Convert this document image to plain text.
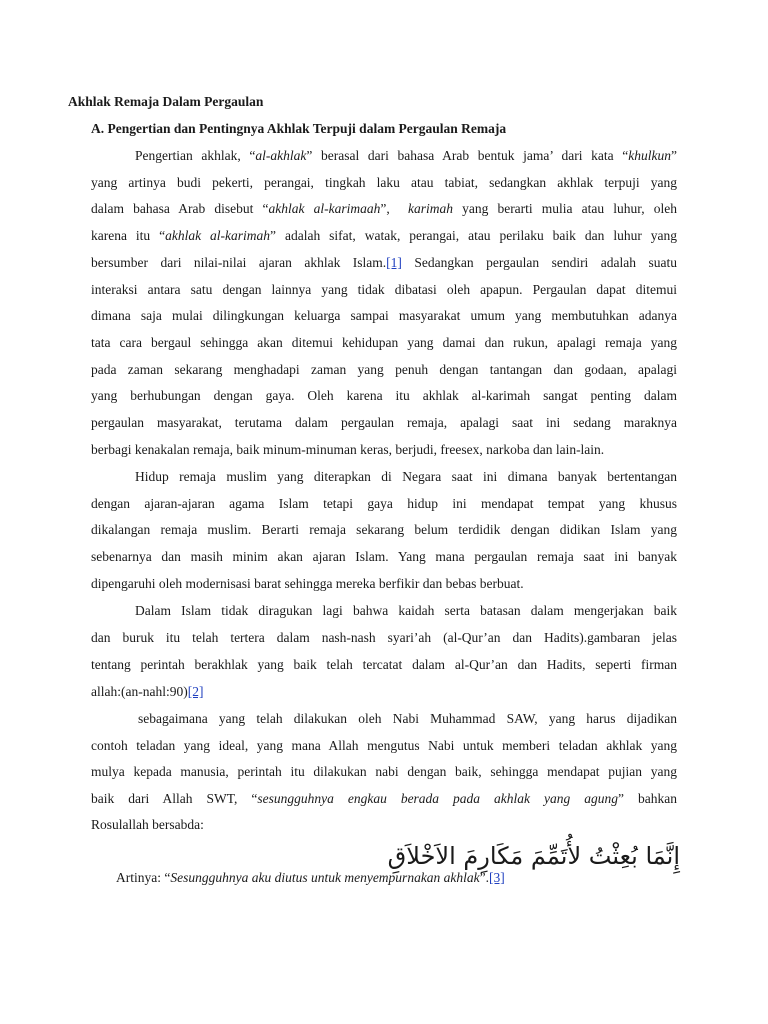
Akhlak Remaja Dalam Pergaulan
A. Pengertian dan Pentingnya Akhlak Terpuji dalam Pergaulan Remaja
Pengertian akhlak, “al-akhlak” berasal dari bahasa Arab bentuk jama’ dari kata “khulkun”
yang artinya budi pekerti, perangai, tingkah laku atau tabiat, sedangkan akhlak terpuji yang
dalam bahasa Arab disebut “akhlak al-karimaah”,  karimah yang berarti mulia atau luhur, oleh
karena itu “akhlak al-karimah” adalah sifat, watak, perangai, atau perilaku baik dan luhur yang
bersumber dari nilai-nilai ajaran akhlak Islam.[1] Sedangkan pergaulan sendiri adalah suatu
interaksi antara satu dengan lainnya yang tidak dibatasi oleh apapun. Pergaulan dapat ditemui
dimana saja mulai dilingkungan keluarga sampai masyarakat umum yang membutuhkan adanya
tata cara bergaul sehingga akan ditemui kehidupan yang damai dan rukun, apalagi remaja yang
pada zaman sekarang menghadapi zaman yang penuh dengan tantangan dan godaan, apalagi
yang berhubungan dengan gaya. Oleh karena itu akhlak al-karimah sangat penting dalam
pergaulan masyarakat, terutama dalam pergaulan remaja, apalagi saat ini sedang maraknya
berbagi kenakalan remaja, baik minum-minuman keras, berjudi, freesex, narkoba dan lain-lain.
Hidup remaja muslim yang diterapkan di Negara saat ini dimana banyak bertentangan
dengan ajaran-ajaran agama Islam tetapi gaya hidup ini mendapat tempat yang khusus
dikalangan remaja muslim. Berarti remaja sekarang belum terdidik dengan didikan Islam yang
sebenarnya dan masih minim akan ajaran Islam. Yang mana pergaulan remaja saat ini banyak
dipengaruhi oleh modernisasi barat sehingga mereka berfikir dan bebas berbuat.
Dalam Islam tidak diragukan lagi bahwa kaidah serta batasan dalam mengerjakan baik
dan buruk itu telah tertera dalam nash-nash syari’ah (al-Qur’an dan Hadits).gambaran jelas
tentang perintah berakhlak yang baik telah tercatat dalam al-Qur’an dan Hadits, seperti firman
allah:(an-nahl:90)[2]
sebagaimana yang telah dilakukan oleh Nabi Muhammad SAW, yang harus dijadikan
contoh teladan yang ideal, yang mana Allah mengutus Nabi untuk memberi teladan akhlak yang
mulya kepada manusia, perintah itu dilakukan nabi dengan baik, sehingga mendapat pujian yang
baik dari Allah SWT, “sesungguhnya engkau berada pada akhlak yang agung” bahkan
Rosulallah bersabda:
إِنَّمَا بُعِثْتُ لأُتَمِّمَ مَكَارِمَ الاَخْلاَقِ
Artinya: “Sesungguhnya aku diutus untuk menyempurnakan akhlak”.[3]
